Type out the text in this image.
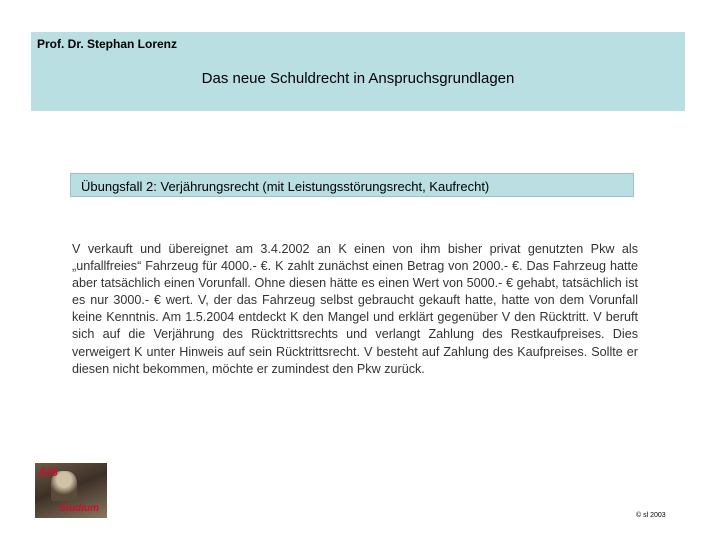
Prof. Dr. Stephan Lorenz
Das neue Schuldrecht in Anspruchsgrundlagen
Übungsfall 2: Verjährungsrecht (mit Leistungsstörungsrecht, Kaufrecht)

V verkauft und übereignet am 3.4.2002 an K einen von ihm bisher privat genutzten Pkw als „unfallfreies“ Fahrzeug für 4000.- €. K zahlt zunächst einen Betrag von 2000.- €. Das Fahrzeug hatte aber tatsächlich einen Vorunfall. Ohne diesen hätte es einen Wert von 5000.- € gehabt, tatsächlich ist es nur 3000.- € wert. V, der das Fahrzeug selbst gebraucht gekauft hatte, hatte von dem Vorunfall keine Kenntnis. Am 1.5.2004 entdeckt K den Mangel und erklärt gegenüber V den Rücktritt. V beruft sich auf die Verjährung des Rücktrittsrechts und verlangt Zahlung des Restkaufpreises. Dies verweigert K unter Hinweis auf sein Rücktrittsrecht. V besteht auf Zahlung des Kaufpreises. Sollte er diesen nicht bekommen, möchte er zumindest den Pkw zurück.

AIS
Studium
© sl 2003
